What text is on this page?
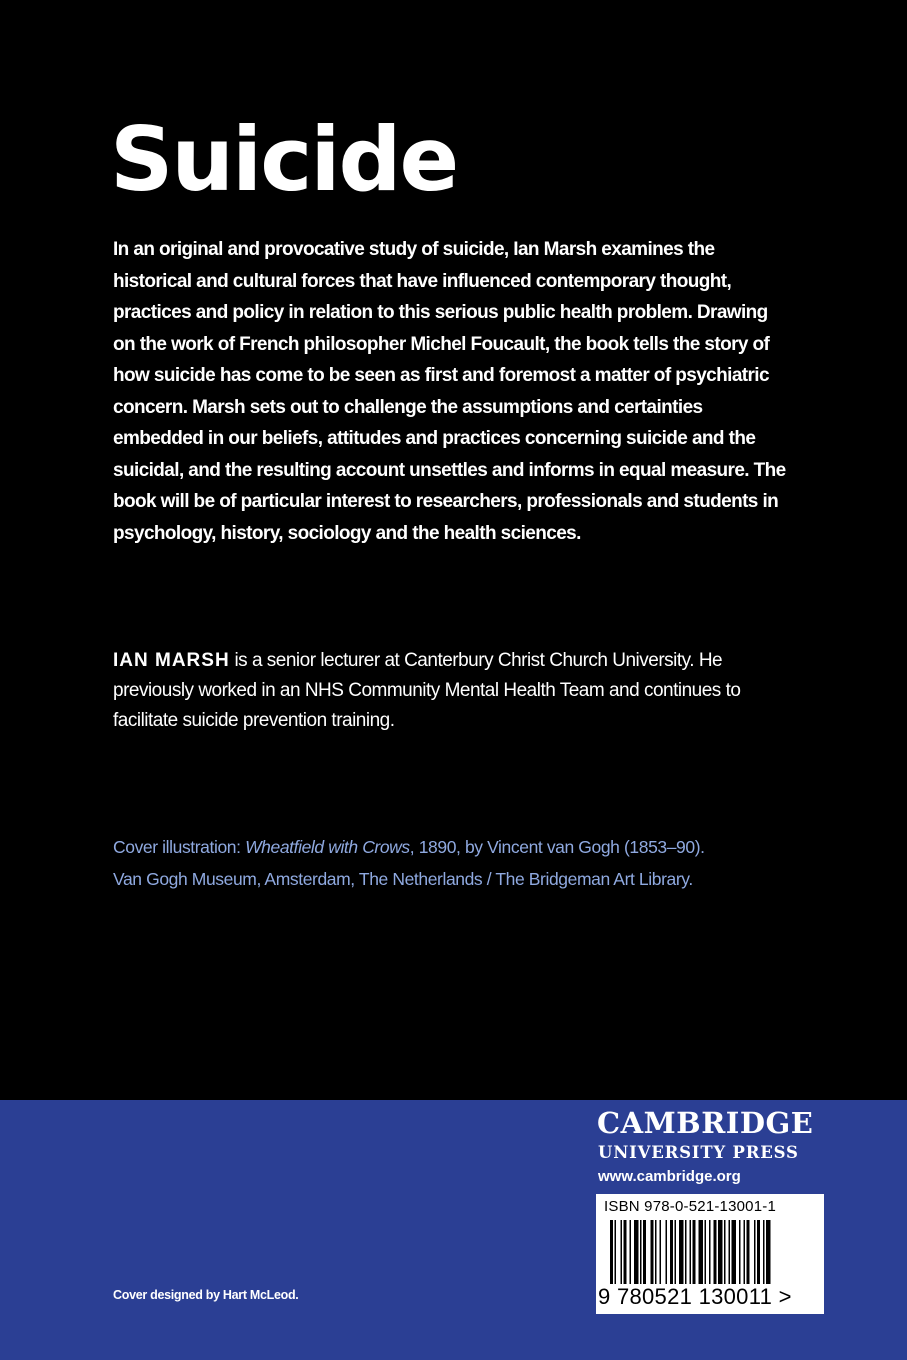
Suicide

In an original and provocative study of suicide, Ian Marsh examines the historical and cultural forces that have influenced contemporary thought, practices and policy in relation to this serious public health problem. Drawing on the work of French philosopher Michel Foucault, the book tells the story of how suicide has come to be seen as first and foremost a matter of psychiatric concern. Marsh sets out to challenge the assumptions and certainties embedded in our beliefs, attitudes and practices concerning suicide and the suicidal, and the resulting account unsettles and informs in equal measure. The book will be of particular interest to researchers, professionals and students in psychology, history, sociology and the health sciences.

IAN MARSH is a senior lecturer at Canterbury Christ Church University. He previously worked in an NHS Community Mental Health Team and continues to facilitate suicide prevention training.

Cover illustration: Wheatfield with Crows, 1890, by Vincent van Gogh (1853–90). Van Gogh Museum, Amsterdam, The Netherlands / The Bridgeman Art Library.

Cover designed by Hart McLeod.
CAMBRIDGE
UNIVERSITY PRESS
www.cambridge.org
ISBN 978-0-521-13001-1
9 780521 130011 >
